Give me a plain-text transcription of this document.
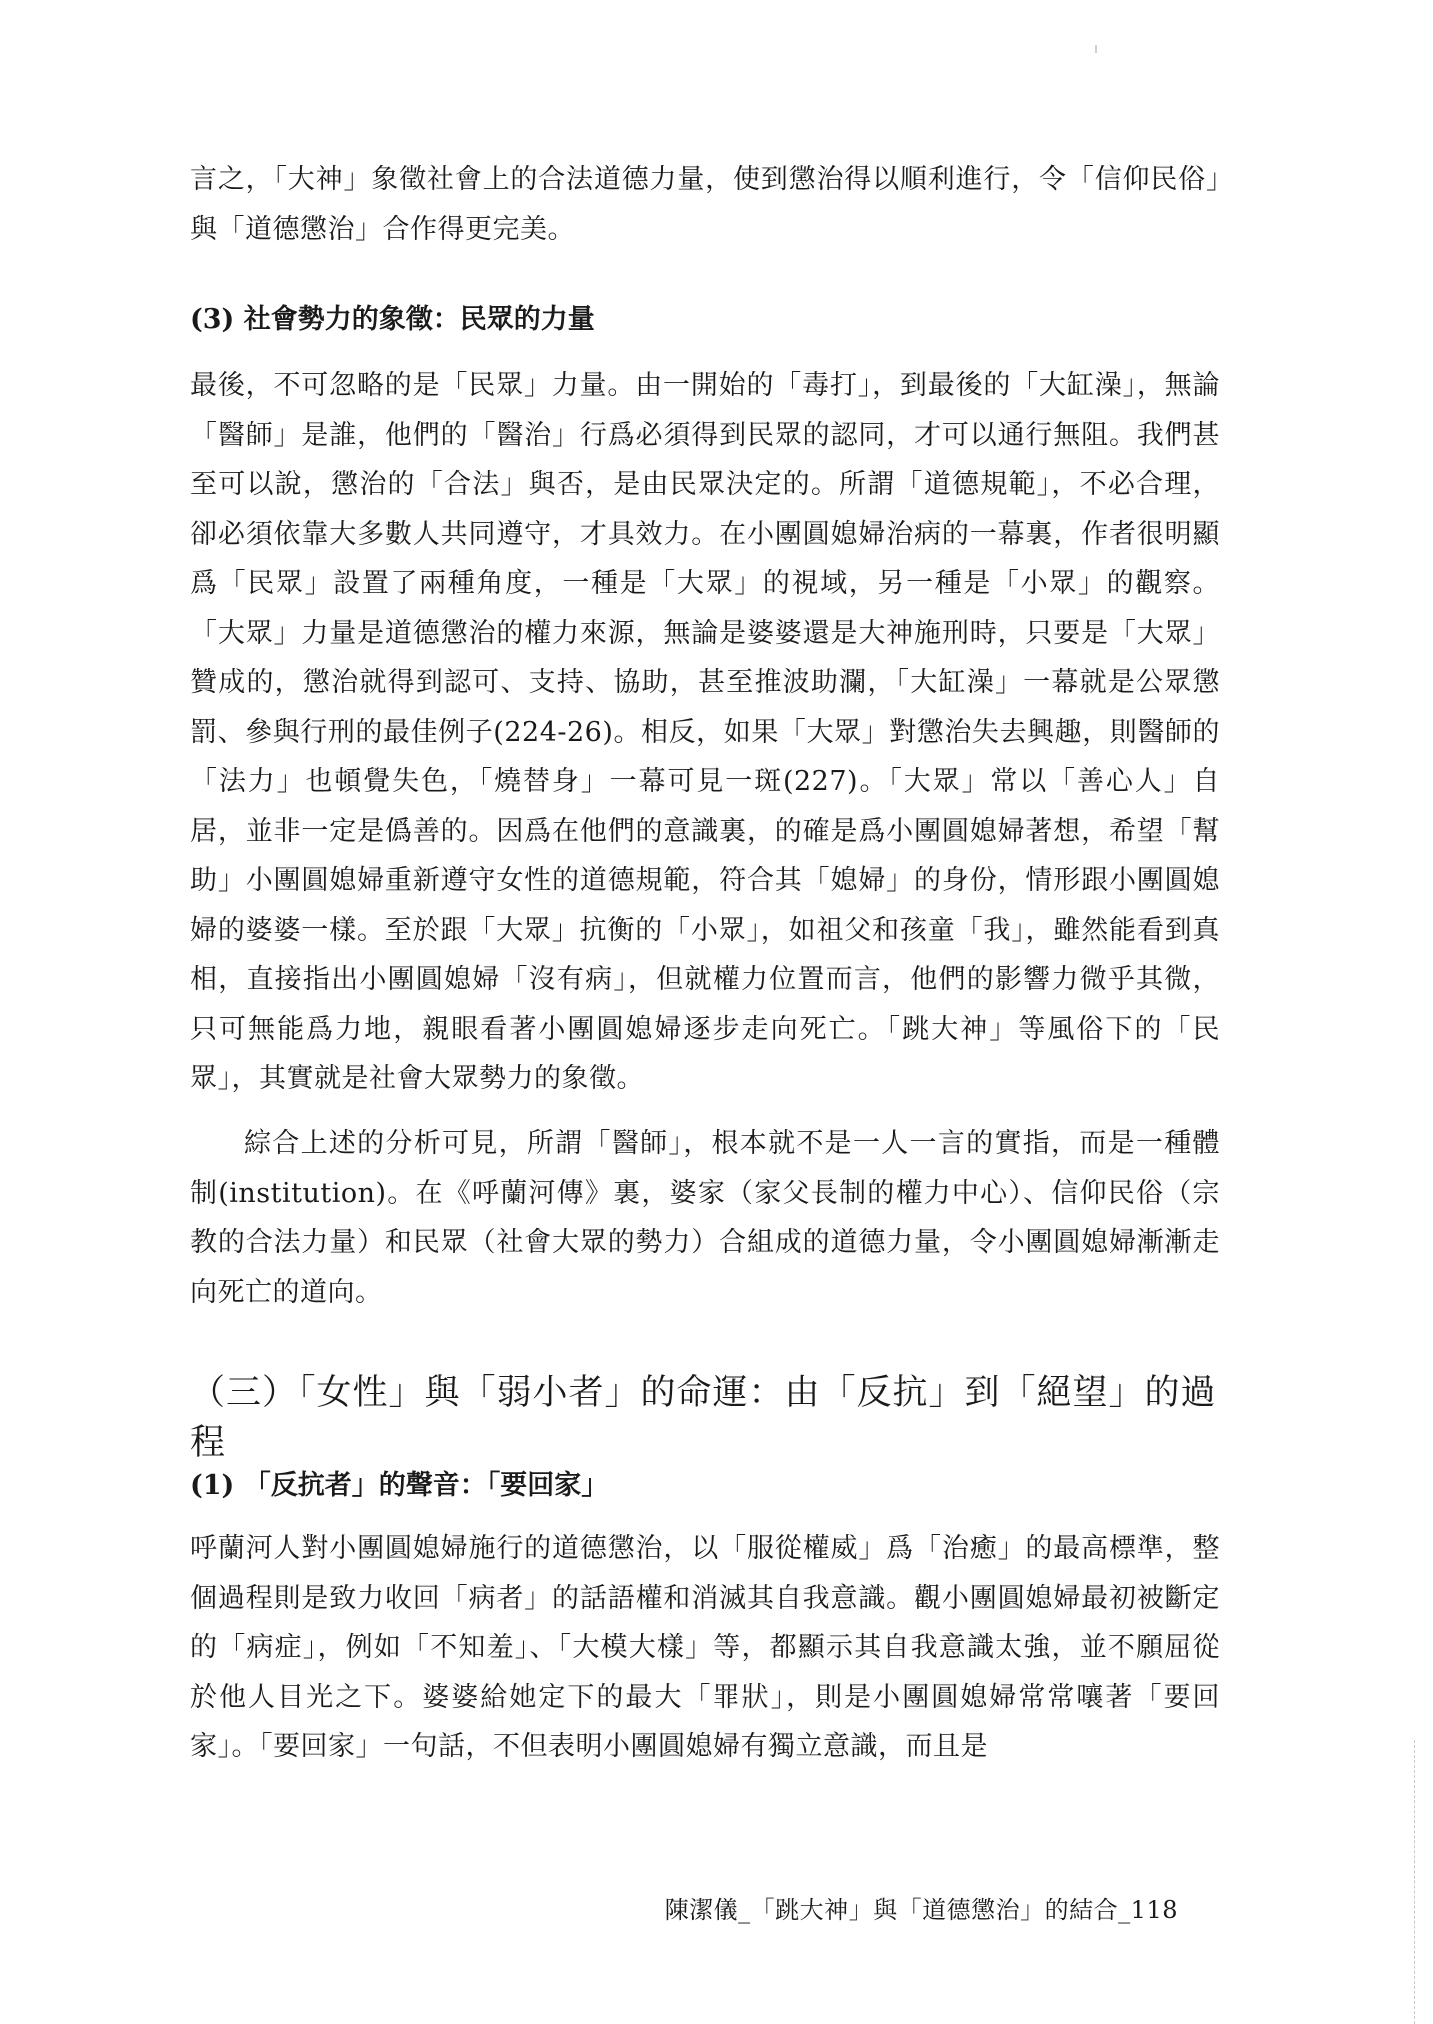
言之，「大神」象徵社會上的合法道德力量，使到懲治得以順利進行，令「信仰民俗」與「道德懲治」合作得更完美。

(3) 社會勢力的象徵：民眾的力量

最後，不可忽略的是「民眾」力量。由一開始的「毒打」，到最後的「大缸澡」，無論「醫師」是誰，他們的「醫治」行爲必須得到民眾的認同，才可以通行無阻。我們甚至可以說，懲治的「合法」與否，是由民眾決定的。所謂「道德規範」，不必合理，卻必須依靠大多數人共同遵守，才具效力。在小團圓媳婦治病的一幕裏，作者很明顯爲「民眾」設置了兩種角度，一種是「大眾」的視域，另一種是「小眾」的觀察。「大眾」力量是道德懲治的權力來源，無論是婆婆還是大神施刑時，只要是「大眾」贊成的，懲治就得到認可、支持、協助，甚至推波助瀾，「大缸澡」一幕就是公眾懲罰、參與行刑的最佳例子(224-26)。相反，如果「大眾」對懲治失去興趣，則醫師的「法力」也頓覺失色，「燒替身」一幕可見一斑(227)。「大眾」常以「善心人」自居，並非一定是僞善的。因爲在他們的意識裏，的確是爲小團圓媳婦著想，希望「幫助」小團圓媳婦重新遵守女性的道德規範，符合其「媳婦」的身份，情形跟小團圓媳婦的婆婆一樣。至於跟「大眾」抗衡的「小眾」，如祖父和孩童「我」，雖然能看到真相，直接指出小團圓媳婦「沒有病」，但就權力位置而言，他們的影響力微乎其微，只可無能爲力地，親眼看著小團圓媳婦逐步走向死亡。「跳大神」等風俗下的「民眾」，其實就是社會大眾勢力的象徵。

綜合上述的分析可見，所謂「醫師」，根本就不是一人一言的實指，而是一種體制(institution)。在《呼蘭河傳》裏，婆家（家父長制的權力中心）、信仰民俗（宗教的合法力量）和民眾（社會大眾的勢力）合組成的道德力量，令小團圓媳婦漸漸走向死亡的道向。

（三）「女性」與「弱小者」的命運：由「反抗」到「絕望」的過程

(1) 「反抗者」的聲音：「要回家」

呼蘭河人對小團圓媳婦施行的道德懲治，以「服從權威」爲「治癒」的最高標準，整個過程則是致力收回「病者」的話語權和消滅其自我意識。觀小團圓媳婦最初被斷定的「病症」，例如「不知羞」、「大模大樣」等，都顯示其自我意識太強，並不願屈從於他人目光之下。婆婆給她定下的最大「罪狀」，則是小團圓媳婦常常嚷著「要回家」。「要回家」一句話，不但表明小團圓媳婦有獨立意識，而且是

陳潔儀_「跳大神」與「道德懲治」的結合_118
